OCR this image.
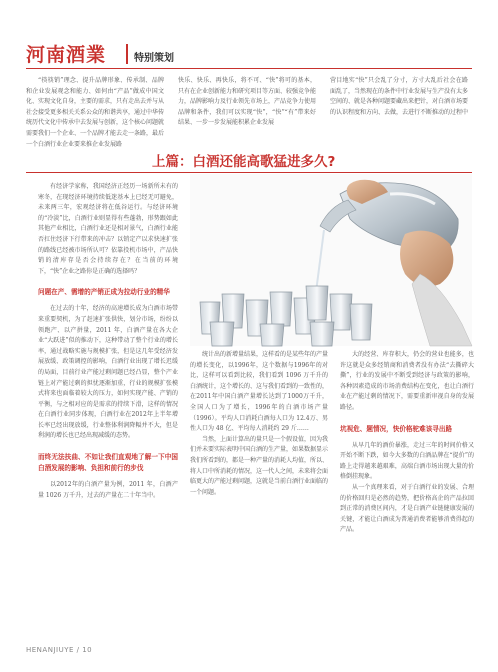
河南酒業	特别策划
“筷筷销”理念、提升品牌形象、传承制、品牌和企业发展观念和能力、如何由“产品”做成中国文化、实现文化自身，主要的需求，只有走出去并与从社会接受更多相关关系公众的和谐共享，通过中华传统历代文化中传承中去发展与创新，这个核心问题就需要我们一个企业、一个品牌才能去走一条路，最后一个白酒行业企业要来推企业发展路
快乐、快乐、再快乐，将不可、“快”将可的基本，只有在企业创新能力和研究项目等方面、较强竞争能力，品牌影响力及行业领先市场上，产品竞争力使用品牌和条件，我们可以实现“快”，“快”“有”带来好结果、一步一步发展能积累企业发展
营目地实“快”只会乱了分寸，方寸大乱后社会在路面乱了，当然现在的条件中行业发展与生产没有太多空间的、就是各种问题要藏出来把针，对白酒市场要的认识程度和方向、去做，去进行不断推动的过程中
上篇：白酒还能高歌猛进多久?

有经济学家称，我国经济正经历一场新所未有的寒冬，在现经济环境持续低迷基本上已经无可避免，未来两三年，宏观经济将在低谷运行。与经济环境的“冷淡”比，白酒行业则显得有些蓬勃，形势跟如此其他产业相比，白酒行业还是相对景气，白酒行业能否扛住经济下行带来的冲击？以销定产以求快速扩张的路线已经被市场所认可？依靠投机市场中，产品快销的清库存是否会持续存在？在当前的环境下，“快”企业之路你是正确的选择吗？

问题在产、需增的产销正成为拉动行业的精华

在过去的十年，经济的高速增长成为白酒市场带来重要契机，为了赶速扩张供快，划分市场，纷纷以领跑产、以产拼量，2011 年，白酒产量在各大企业“大跃进”似的推动下，这种带动了整个行业的增长率，通过战略实施与规模扩张，但是这几年受经济发展放缓、政策调控的影响，白酒行业出现了增长迟缓的局面，目前行业产能过剩问题已经凸显，整个产业链上对产能过剩的担忧逐渐加重，行业的规模扩张模式将来也面临着较大的压力，如何实现产能、产销的平衡，与之相对应的是需求的持续下滑，这样的情况在白酒行业同步体现，白酒行业在2012年上半年增长率已经出现放缓，行业整体利润降幅并不大，但是利润的增长也已经出现减缓的态势。

而终无法扶曲、不如让我们直观地了解一下中国白酒发展的影响、负担和前行的步伐

以2012年的白酒产量为例，2011 年，白酒产量 1026 万千升，过去的产量在二十年当中。

统计出的新增量结果，这样看的是某些年的产量的增长变化，以1996年，这个数据与1996年的对比，这样可以看到比较，我们看到 1096 万千升的白酒统计，这个增长的、这与我们看到的一致性的，在2011年中国白酒产量增长达到了1000万千升，全国人口为了增长，1996年的白酒市场产量（1996）。平均人口消耗白酒每人口为 12.4万、男性人口为 48 亿、平均每人消耗约 29 斤……

当然，上面计算出的量只是一个假设值，因为我们并未要实际表明中国白酒的生产量，如果数据显示我们所看到的，都是一种产量的消耗人均值，所以、将人口中所消耗的情况，这一代人之间，未来将会面临更大的产能过剩问题，这就是当前白酒行业面临的一个问题。

大的经营、库存积大，仍会的营业也能多，也许这就是众多经销商和消费者没有办法“去撕碎大撕”，行业的发展中不断受到经济与政策的影响，各种因素造成的市场消费结构在变化，也让白酒行业在产能过剩的情况下，需要重新审视自身的发展路径。

坑视危、题情况，快价格驼难该寻出路

从早几年的酒价暴涨，走过三年的时间价格又开始不断下跌，如今大多数的白酒品牌在“提价”的路上走得越来越艰难，高端白酒市场出现大量的价格倒挂现象。

从一个真理来看，对于白酒行业的发展、合理的价格回归是必然的趋势，把价格高企的产品拉回到正常的消费区间内，才是白酒产业链健康发展的关键，才能让白酒成为普通消费者能够消费得起的产品。

HENANJIUYE / 10
